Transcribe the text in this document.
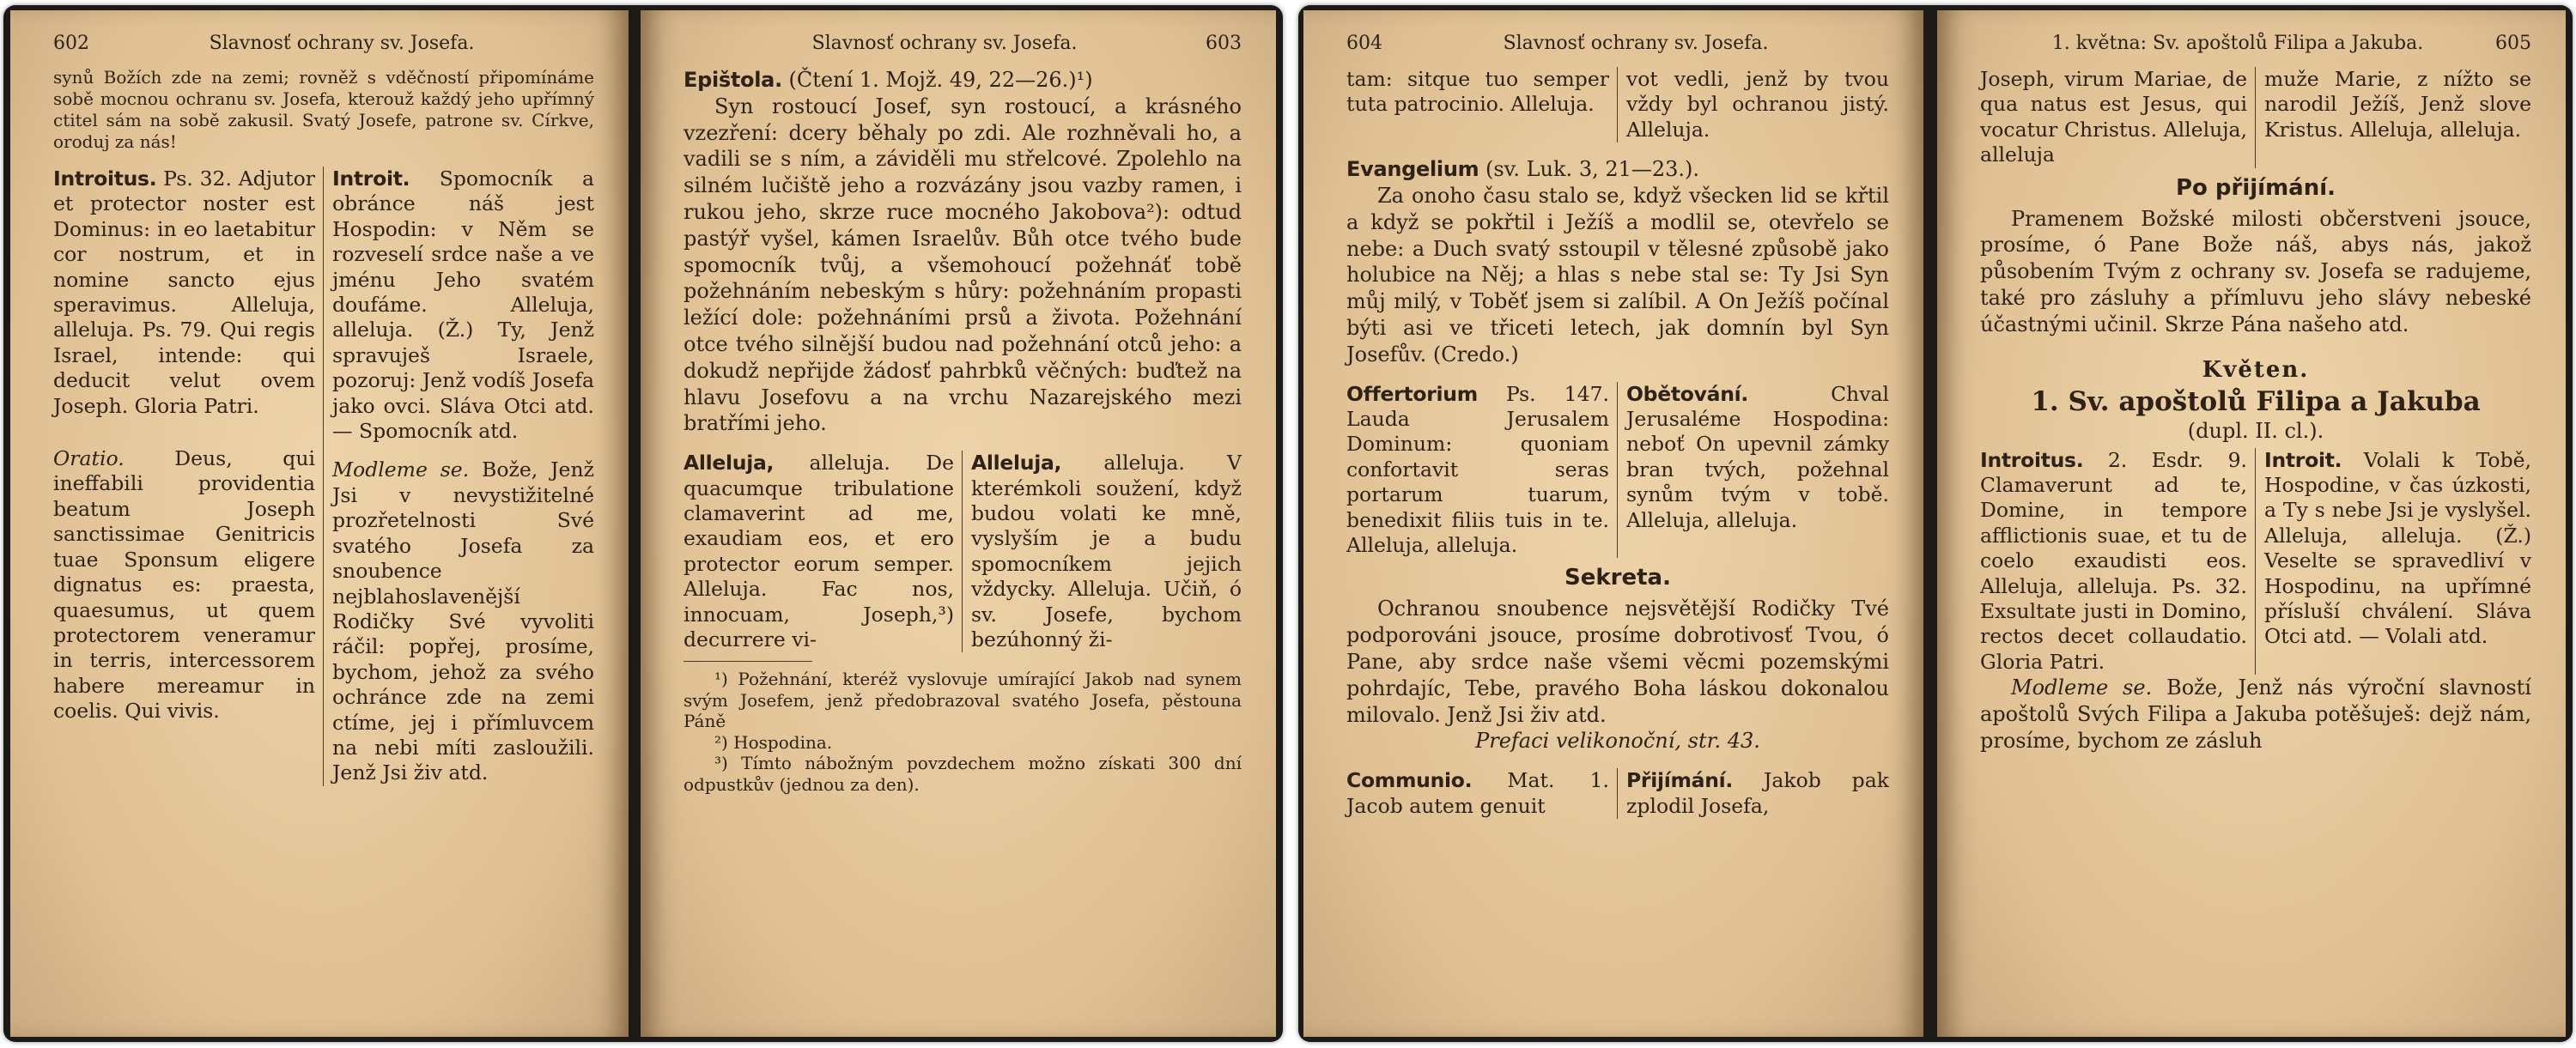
602	Slavnosť ochrany sv. Josefa.

synů Božích zde na zemi; rovněž s vděčností připomínáme sobě mocnou ochranu sv. Josefa, kterouž každý jeho upřímný ctitel sám na sobě zakusil. Svatý Josefe, patrone sv. Církve, oroduj za nás!

Introitus. Ps. 32. Adjutor et protector noster est Dominus: in eo laetabitur cor nostrum, et in nomine sancto ejus speravimus. Alleluja, alleluja. Ps. 79. Qui regis Israel, intende: qui deducit velut ovem Joseph. Gloria Patri.
Oratio. Deus, qui ineffabili providentia beatum Joseph sanctissimae Genitricis tuae Sponsum eligere dignatus es: praesta, quaesumus, ut quem protectorem veneramur in terris, intercessorem habere mereamur in coelis. Qui vivis.
Introit. Spomocník a obránce náš jest Hospodin: v Něm se rozveselí srdce naše a ve jménu Jeho svatém doufáme. Alleluja, alleluja. (Ž.) Ty, Jenž spravuješ Israele, pozoruj: Jenž vodíš Josefa jako ovci. Sláva Otci atd. — Spomocník atd.
Modleme se. Bože, Jenž Jsi v nevystižitelné prozřetelnosti Své svatého Josefa za snoubence nejblahoslavenější Rodičky Své vyvoliti ráčil: popřej, prosíme, bychom, jehož za svého ochránce zde na zemi ctíme, jej i přímluvcem na nebi míti zasloužili. Jenž Jsi živ atd.
Slavnosť ochrany sv. Josefa.	603

Epištola. (Čtení 1. Mojž. 49, 22—26.)¹)

Syn rostoucí Josef, syn rostoucí, a krásného vzezření: dcery běhaly po zdi. Ale rozhněvali ho, a vadili se s ním, a záviděli mu střelcové. Zpolehlo na silném lučiště jeho a rozvázány jsou vazby ramen, i rukou jeho, skrze ruce mocného Jakobova²): odtud pastýř vyšel, kámen Israelův. Bůh otce tvého bude spomocník tvůj, a všemohoucí požehnáť tobě požehnáním nebeským s hůry: požehnáním propasti ležící dole: požehnáními prsů a života. Požehnání otce tvého silnější budou nad požehnání otců jeho: a dokudž nepřijde žádosť pahrbků věčných: buďtež na hlavu Josefovu a na vrchu Nazarejského mezi bratřími jeho.

Alleluja, alleluja. De quacumque tribulatione clamaverint ad me, exaudiam eos, et ero protector eorum semper. Alleluja. Fac nos, innocuam, Joseph,³) decurrere vi-
Alleluja, alleluja. V kterémkoli soužení, když budou volati ke mně, vyslyším je a budu spomocníkem jejich vždycky. Alleluja. Učiň, ó sv. Josefe, bychom bezúhonný ži-

¹) Požehnání, kteréž vyslovuje umírající Jakob nad synem svým Josefem, jenž předobrazoval svatého Josefa, pěstouna Páně

²) Hospodina.

³) Tímto nábožným povzdechem možno získati 300 dní odpustkův (jednou za den).

604	Slavnosť ochrany sv. Josefa.
tam: sitque tuo semper tuta patrocinio. Alleluja.
vot vedli, jenž by tvou vždy byl ochranou jistý. Alleluja.

Evangelium (sv. Luk. 3, 21—23.).

Za onoho času stalo se, když všecken lid se křtil a když se pokřtil i Ježíš a modlil se, otevřelo se nebe: a Duch svatý sstoupil v tělesné způsobě jako holubice na Něj; a hlas s nebe stal se: Ty Jsi Syn můj milý, v Toběť jsem si zalíbil. A On Ježíš počínal býti asi ve třiceti letech, jak domnín byl Syn Josefův. (Credo.)

Offertorium Ps. 147. Lauda Jerusalem Dominum: quoniam confortavit seras portarum tuarum, benedixit filiis tuis in te. Alleluja, alleluja.
Obětování.	Chval Jerusaléme Hospodina: neboť On upevnil zámky bran tvých, požehnal synům tvým v tobě. Alleluja, alleluja.
Sekreta.

Ochranou snoubence nejsvětější Rodičky Tvé podporováni jsouce, prosíme dobrotivosť Tvou, ó Pane, aby srdce naše všemi věcmi pozemskými pohrdajíc, Tebe, pravého Boha láskou dokonalou milovalo. Jenž Jsi živ atd.

Prefaci velikonoční, str. 43.

Communio. Mat. 1. Jacob autem genuit
Přijímání. Jakob pak zplodil Josefa,
1. května: Sv. apoštolů Filipa a Jakuba.	605
Joseph, virum Mariae, de qua natus est Jesus, qui vocatur Christus. Alleluja, alleluja
muže Marie, z nížto se narodil Ježíš, Jenž slove Kristus. Alleluja, alleluja.
Po přijímání.

Pramenem Božské milosti občerstveni jsouce, prosíme, ó Pane Bože náš, abys nás, jakož působením Tvým z ochrany sv. Josefa se radujeme, také pro zásluhy a přímluvu jeho slávy nebeské účastnými učinil. Skrze Pána našeho atd.

Květen.
1. Sv. apoštolů Filipa a Jakuba
(dupl. II. cl.).
Introitus. 2. Esdr. 9. Clamaverunt ad te, Domine, in tempore afflictionis suae, et tu de coelo exaudisti eos. Alleluja, alleluja. Ps. 32. Exsultate justi in Domino, rectos decet collaudatio. Gloria Patri.
Introit. Volali k Tobě, Hospodine, v čas úzkosti, a Ty s nebe Jsi je vyslyšel. Alleluja, alleluja. (Ž.) Veselte se spravedliví v Hospodinu, na upřímné přísluší chválení. Sláva Otci atd. — Volali atd.

Modleme se. Bože, Jenž nás výroční slavností apoštolů Svých Filipa a Jakuba potěšuješ: dejž nám, prosíme, bychom ze zásluh
